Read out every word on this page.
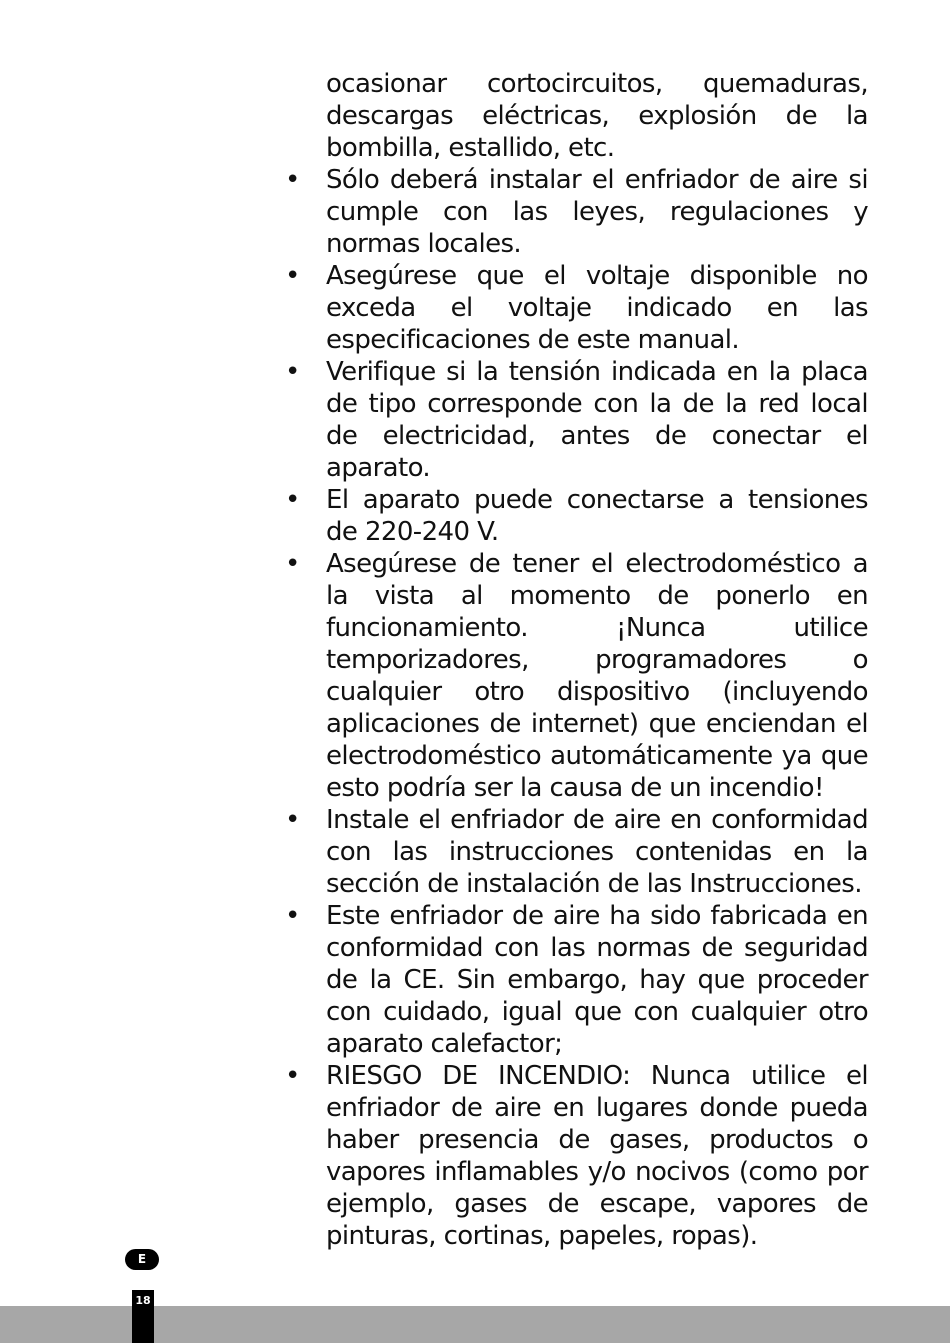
ocasionar cortocircuitos, quemaduras, descargas eléctricas, explosión de la bombilla, estallido, etc.

• Sólo deberá instalar el enfriador de aire si cumple con las leyes, regulaciones y normas locales.
• Asegúrese que el voltaje disponible no exceda el voltaje indicado en las especificaciones de este manual.
• Verifique si la tensión indicada en la placa de tipo corresponde con la de la red local de electricidad, antes de conectar el aparato.
• El aparato puede conectarse a tensiones de 220-240 V.
• Asegúrese de tener el electrodoméstico a la vista al momento de ponerlo en funcionamiento. ¡Nunca utilice temporizadores, programadores o cualquier otro dispositivo (incluyendo aplicaciones de internet) que enciendan el electrodoméstico automáticamente ya que esto podría ser la causa de un incendio!
• Instale el enfriador de aire en conformidad con las instrucciones contenidas en la sección de instalación de las Instrucciones.
• Este enfriador de aire ha sido fabricada en conformidad con las normas de seguridad de la CE. Sin embargo, hay que proceder con cuidado, igual que con cualquier otro aparato calefactor;
• RIESGO DE INCENDIO: Nunca utilice el enfriador de aire en lugares donde pueda haber presencia de gases, productos o vapores inflamables y/o nocivos (como por ejemplo, gases de escape, vapores de pinturas, cortinas, papeles, ropas).
E
18
